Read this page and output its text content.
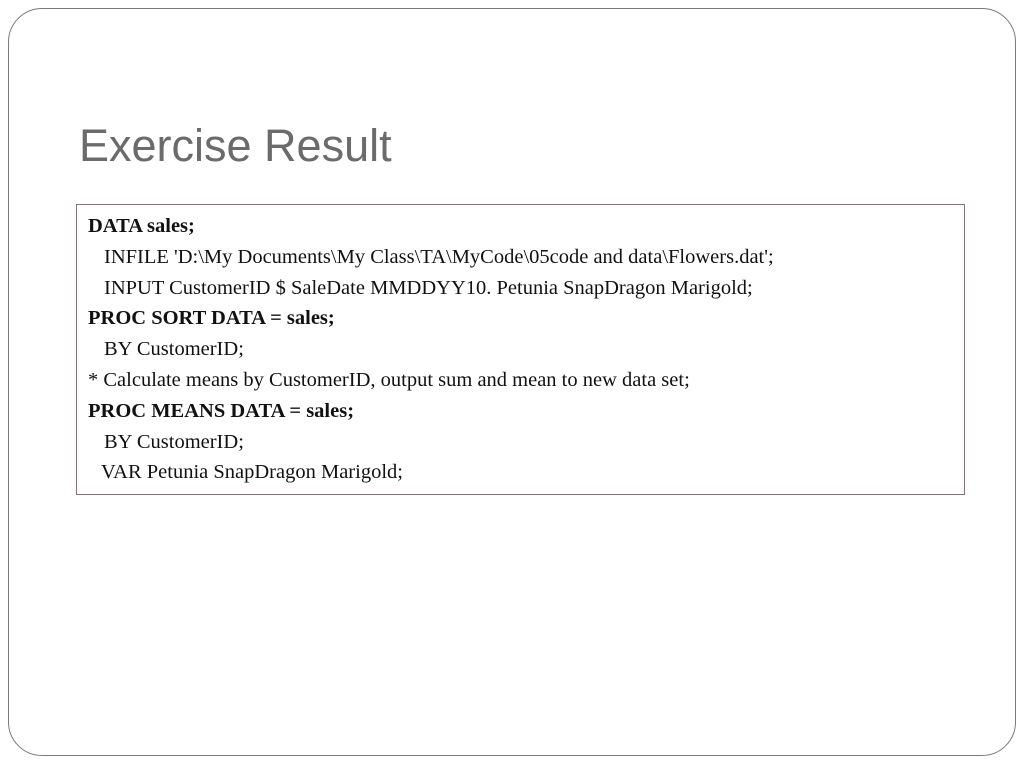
Exercise Result
DATA sales;
INFILE 'D:\My Documents\My Class\TA\MyCode\05code and data\Flowers.dat';
INPUT CustomerID $ SaleDate MMDDYY10. Petunia SnapDragon Marigold;
PROC SORT DATA = sales;
BY CustomerID;
* Calculate means by CustomerID, output sum and mean to new data set;
PROC MEANS DATA = sales;
BY CustomerID;
VAR Petunia SnapDragon Marigold;
